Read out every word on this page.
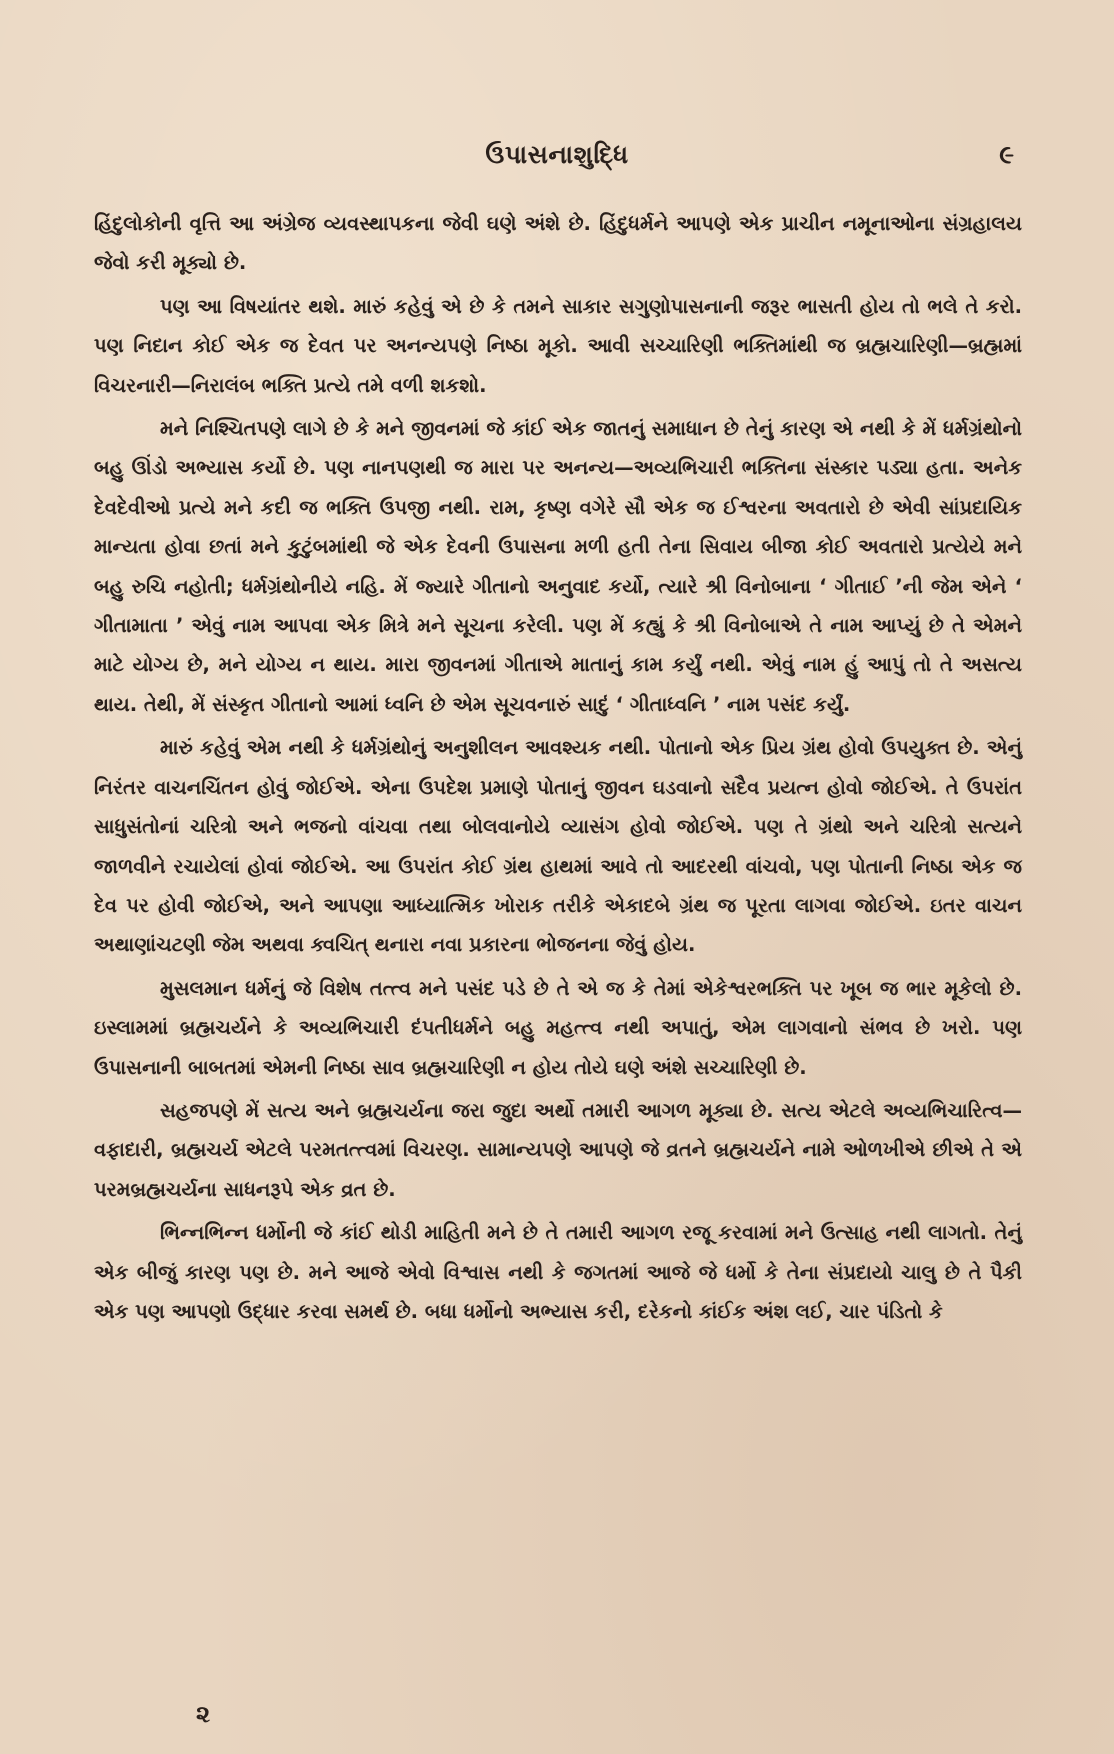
ઉપાસનાશુદ્ધિ	૯

હિંદુલોકોની વૃત્તિ આ અંગ્રેજ વ્યવસ્થાપકના જેવી ઘણે અંશે છે. હિંદુધર્મને આપણે એક પ્રાચીન નમૂનાઓના સંગ્રહાલય જેવો કરી મૂક્યો છે.

પણ આ વિષયાંતર થશે. મારું કહેવું એ છે કે તમને સાકાર સગુણોપાસનાની જરૂર ભાસતી હોય તો ભલે તે કરો. પણ નિદાન કોઈ એક જ દેવત પર અનન્યપણે નિષ્ઠા મૂકો. આવી સચ્ચારિણી ભક્તિમાંથી જ બ્રહ્મચારિણી—બ્રહ્મમાં વિચરનારી—નિરાલંબ ભક્તિ પ્રત્યે તમે વળી શકશો.

મને નિશ્ચિતપણે લાગે છે કે મને જીવનમાં જે કાંઈ એક જાતનું સમાધાન છે તેનું કારણ એ નથી કે મેં ધર્મગ્રંથોનો બહુ ઊંડો અભ્યાસ કર્યો છે. પણ નાનપણથી જ મારા પર અનન્ય—અવ્યભિચારી ભક્તિના સંસ્કાર પડ્યા હતા. અનેક દેવદેવીઓ પ્રત્યે મને કદી જ ભક્તિ ઉપજી નથી. રામ, કૃષ્ણ વગેરે સૌ એક જ ઈશ્વરના અવતારો છે એવી સાંપ્રદાયિક માન્યતા હોવા છતાં મને કુટુંબમાંથી જે એક દેવની ઉપાસના મળી હતી તેના સિવાય બીજા કોઈ અવતારો પ્રત્યેયે મને બહુ રુચિ નહોતી; ધર્મગ્રંથોનીયે નહિ. મેં જ્યારે ગીતાનો અનુવાદ કર્યો, ત્યારે શ્રી વિનોબાના ‘ ગીતાઈ ’ની જેમ એને ‘ ગીતામાતા ’ એવું નામ આપવા એક મિત્રે મને સૂચના કરેલી. પણ મેં કહ્યું કે શ્રી વિનોબાએ તે નામ આપ્યું છે તે એમને માટે યોગ્ય છે, મને યોગ્ય ન થાય. મારા જીવનમાં ગીતાએ માતાનું કામ કર્યું નથી. એવું નામ હું આપું તો તે અસત્ય થાય. તેથી, મેં સંસ્કૃત ગીતાનો આમાં ધ્વનિ છે એમ સૂચવનારું સાદું ‘ ગીતાધ્વનિ ’ નામ પસંદ કર્યું.

મારું કહેવું એમ નથી કે ધર્મગ્રંથોનું અનુશીલન આવશ્યક નથી. પોતાનો એક પ્રિય ગ્રંથ હોવો ઉપયુક્ત છે. એનું નિરંતર વાચનચિંતન હોવું જોઈએ. એના ઉપદેશ પ્રમાણે પોતાનું જીવન ઘડવાનો સદૈવ પ્રયત્ન હોવો જોઈએ. તે ઉપરાંત સાધુસંતોનાં ચરિત્રો અને ભજનો વાંચવા તથા બોલવાનોયે વ્યાસંગ હોવો જોઈએ. પણ તે ગ્રંથો અને ચરિત્રો સત્યને જાળવીને રચાયેલાં હોવાં જોઈએ. આ ઉપરાંત કોઈ ગ્રંથ હાથમાં આવે તો આદરથી વાંચવો, પણ પોતાની નિષ્ઠા એક જ દેવ પર હોવી જોઈએ, અને આપણા આધ્યાત્મિક ખોરાક તરીકે એકાદબે ગ્રંથ જ પૂરતા લાગવા જોઈએ. ઇતર વાચન અથાણાંચટણી જેમ અથવા ક્વચિત્ થનારા નવા પ્રકારના ભોજનના જેવું હોય.

મુસલમાન ધર્મનું જે વિશેષ તત્ત્વ મને પસંદ પડે છે તે એ જ કે તેમાં એકેશ્વરભક્તિ પર ખૂબ જ ભાર મૂકેલો છે. ઇસ્લામમાં બ્રહ્મચર્યને કે અવ્યભિચારી દંપતીધર્મને બહુ મહત્ત્વ નથી અપાતું, એમ લાગવાનો સંભવ છે ખરો. પણ ઉપાસનાની બાબતમાં એમની નિષ્ઠા સાવ બ્રહ્મચારિણી ન હોય તોયે ઘણે અંશે સચ્ચારિણી છે.

સહજપણે મેં સત્ય અને બ્રહ્મચર્યના જરા જુદા અર્થો તમારી આગળ મૂક્યા છે. સત્ય એટલે અવ્યભિચારિત્વ—વફાદારી, બ્રહ્મચર્ય એટલે પરમતત્ત્વમાં વિચરણ. સામાન્યપણે આપણે જે વ્રતને બ્રહ્મચર્યને નામે ઓળખીએ છીએ તે એ પરમબ્રહ્મચર્યના સાધનરૂપે એક વ્રત છે.

ભિન્નભિન્ન ધર્મોની જે કાંઈ થોડી માહિતી મને છે તે તમારી આગળ રજૂ કરવામાં મને ઉત્સાહ નથી લાગતો. તેનું એક બીજું કારણ પણ છે. મને આજે એવો વિશ્વાસ નથી કે જગતમાં આજે જે ધર્મો કે તેના સંપ્રદાયો ચાલુ છે તે પૈકી એક પણ આપણો ઉદ્ધાર કરવા સમર્થ છે. બધા ધર્મોનો અભ્યાસ કરી, દરેકનો કાંઈક અંશ લઈ, ચાર પંડિતો કે

૨
